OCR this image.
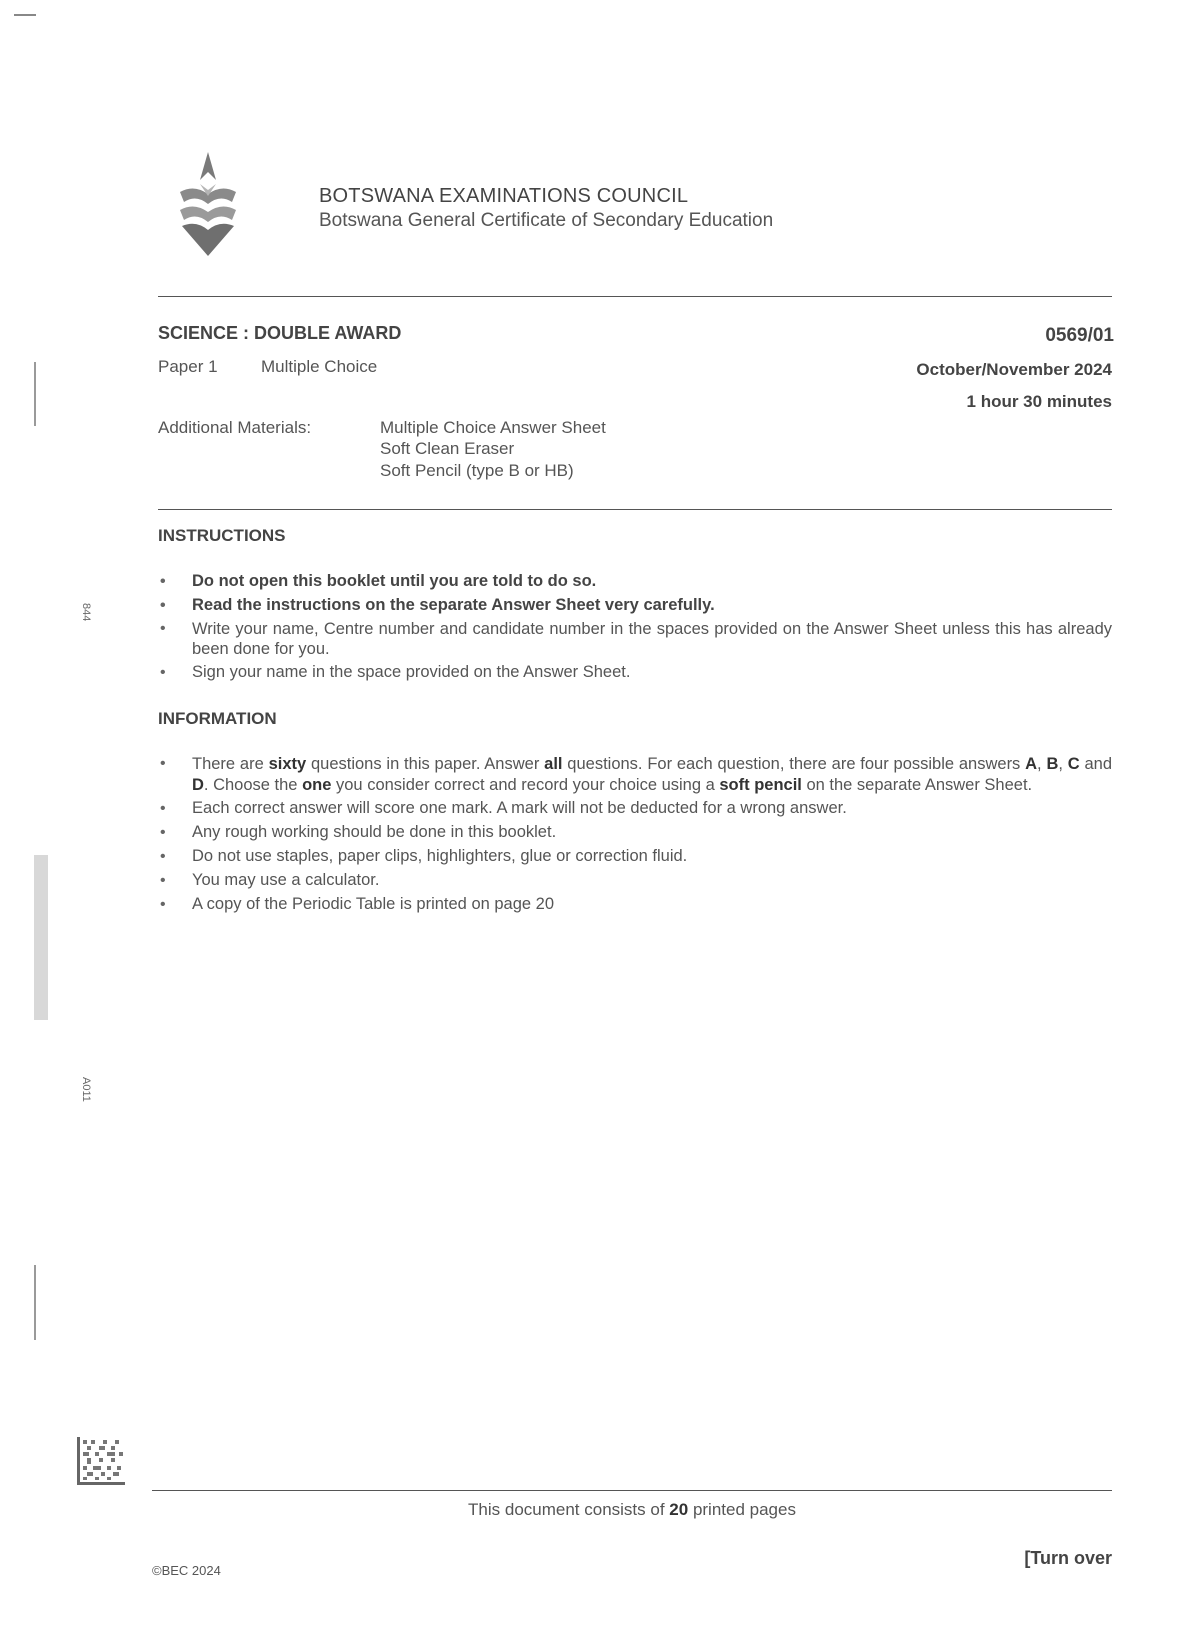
BOTSWANA EXAMINATIONS COUNCIL
Botswana General Certificate of Secondary Education
SCIENCE : DOUBLE AWARD
Paper 1	Multiple Choice
0569/01
October/November 2024
1 hour 30 minutes
Additional Materials:	Multiple Choice Answer Sheet
Soft Clean Eraser
Soft Pencil (type B or HB)
INSTRUCTIONS
• Do not open this booklet until you are told to do so.
• Read the instructions on the separate Answer Sheet very carefully.
• Write your name, Centre number and candidate number in the spaces provided on the Answer Sheet unless this has already been done for you.
• Sign your name in the space provided on the Answer Sheet.
INFORMATION
• There are sixty questions in this paper. Answer all questions. For each question, there are four possible answers A, B, C and D. Choose the one you consider correct and record your choice using a soft pencil on the separate Answer Sheet.
• Each correct answer will score one mark. A mark will not be deducted for a wrong answer.
• Any rough working should be done in this booklet.
• Do not use staples, paper clips, highlighters, glue or correction fluid.
• You may use a calculator.
• A copy of the Periodic Table is printed on page 20
844
A011
This document consists of 20 printed pages
©BEC 2024
[Turn over
